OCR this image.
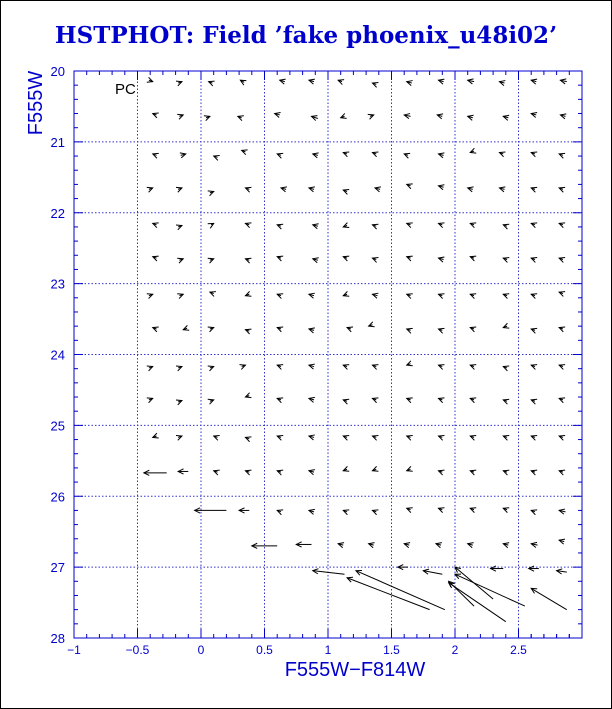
HSTPHOT: Field ’fake phoenix_u48i02’
−1	−0.5	0	0.5	1	1.5	2	2.5
20
21
22
23
24
25
26
27
28
PC
F555W−F814W
F555W
